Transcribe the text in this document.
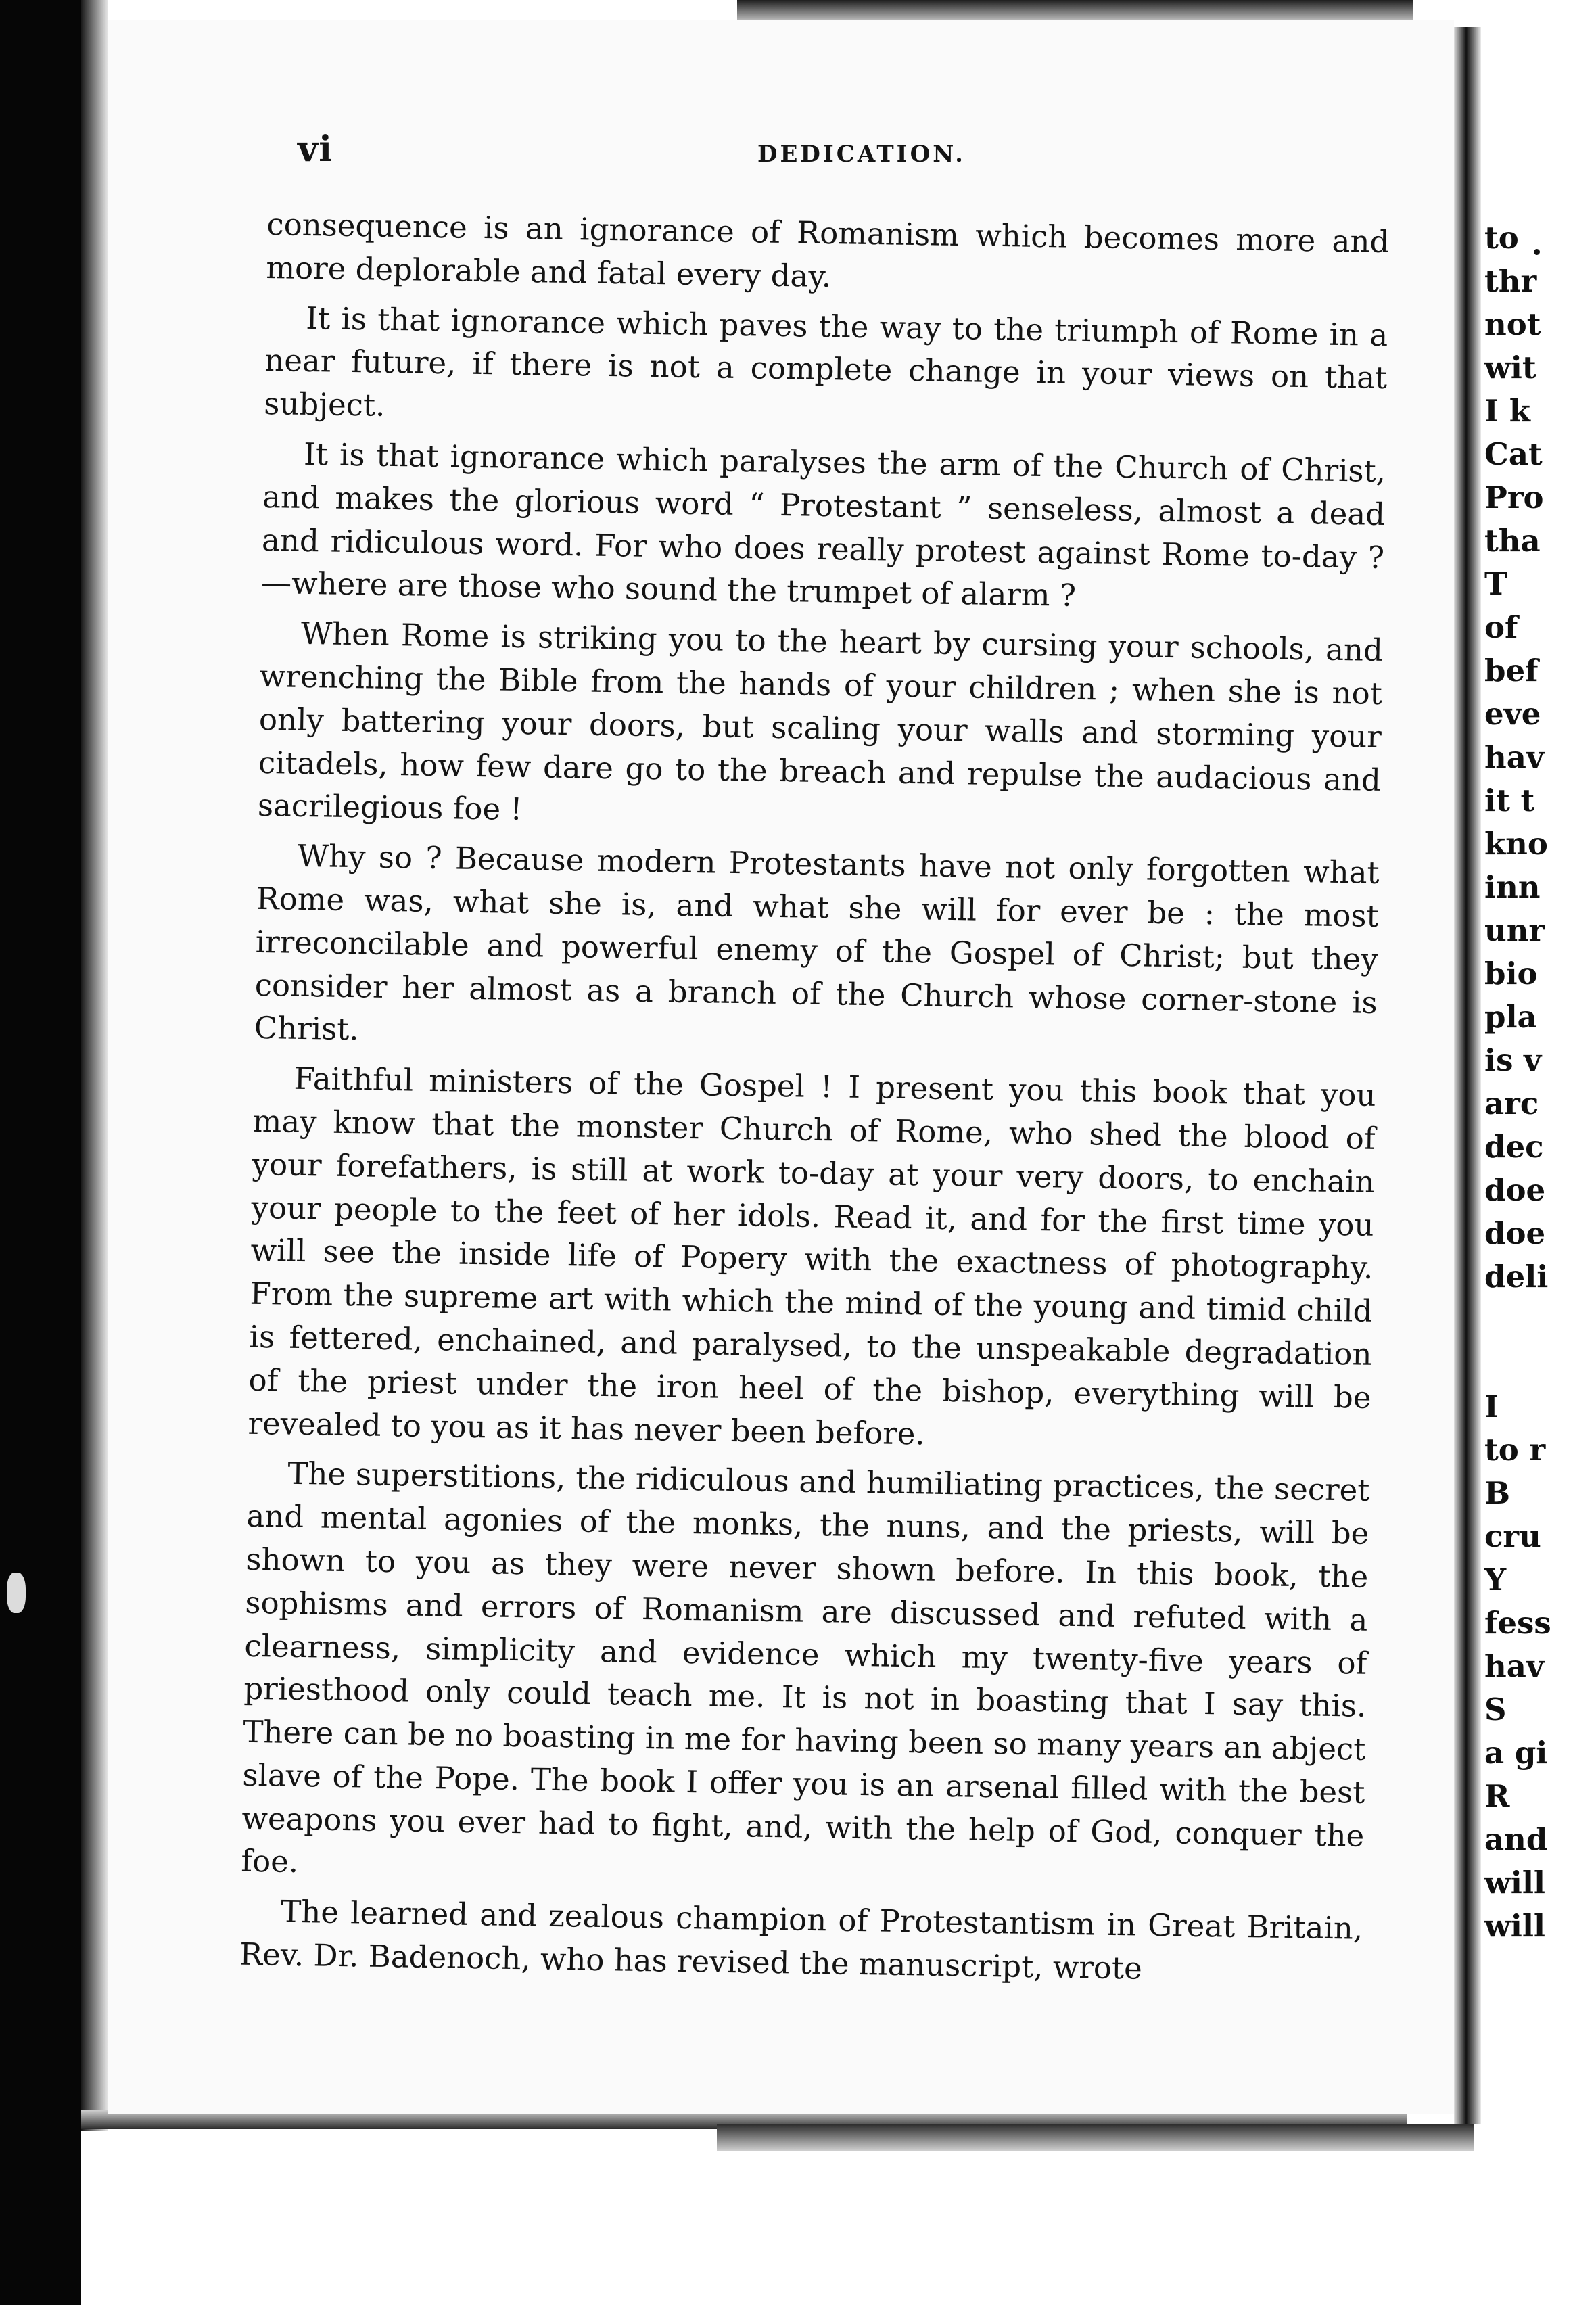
vi	DEDICATION.

consequence is an ignorance of Romanism which becomes more and more deplorable and fatal every day.

It is that ignorance which paves the way to the triumph of Rome in a near future, if there is not a complete change in your views on that subject.

It is that ignorance which paralyses the arm of the Church of Christ, and makes the glorious word “ Protestant ” senseless, almost a dead and ridiculous word. For who does really protest against Rome to-day ?—where are those who sound the trumpet of alarm ?

When Rome is striking you to the heart by cursing your schools, and wrenching the Bible from the hands of your children ; when she is not only battering your doors, but scaling your walls and storming your citadels, how few dare go to the breach and repulse the audacious and sacrilegious foe !

Why so ? Because modern Protestants have not only forgotten what Rome was, what she is, and what she will for ever be : the most irreconcilable and powerful enemy of the Gospel of Christ; but they consider her almost as a branch of the Church whose corner-stone is Christ.

Faithful ministers of the Gospel ! I present you this book that you may know that the monster Church of Rome, who shed the blood of your forefathers, is still at work to-day at your very doors, to enchain your people to the feet of her idols. Read it, and for the first time you will see the inside life of Popery with the exactness of photography. From the supreme art with which the mind of the young and timid child is fettered, enchained, and paralysed, to the unspeakable degradation of the priest under the iron heel of the bishop, everything will be revealed to you as it has never been before.

The superstitions, the ridiculous and humiliating practices, the secret and mental agonies of the monks, the nuns, and the priests, will be shown to you as they were never shown before. In this book, the sophisms and errors of Romanism are discussed and refuted with a clearness, simplicity and evidence which my twenty-five years of priesthood only could teach me. It is not in boasting that I say this. There can be no boasting in me for having been so many years an abject slave of the Pope. The book I offer you is an arsenal filled with the best weapons you ever had to fight, and, with the help of God, conquer the foe.

The learned and zealous champion of Protestantism in Great Britain, Rev. Dr. Badenoch, who has revised the manuscript, wrote

to
thr
not
wit
I k
Cat
Pro
tha
T
of
bef
eve
hav
it t
kno
inn
unr
bio
pla
is v
arc
dec
doe
doe
deli
I
to r
B
cru
Y
fess
hav
S
a gi
R
and
will
will
